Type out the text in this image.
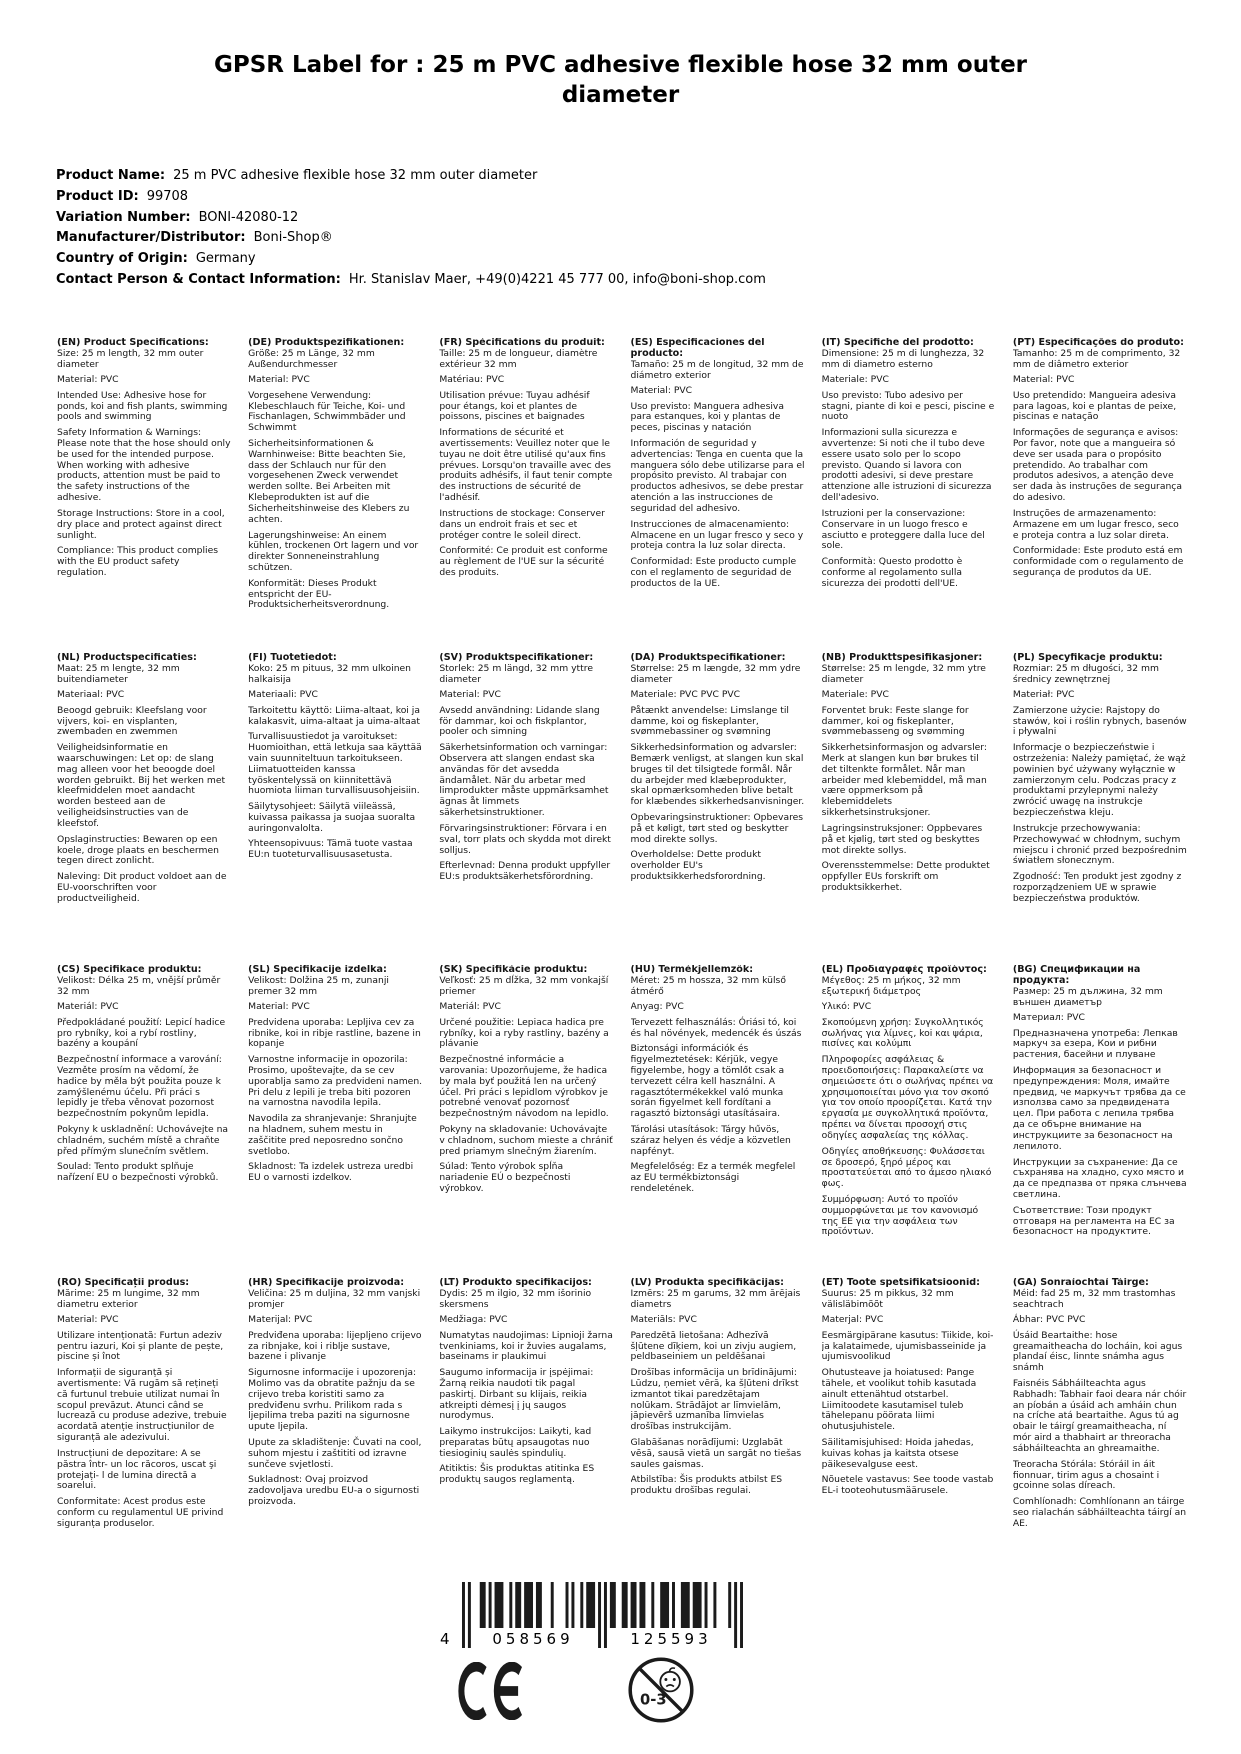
GPSR Label for : 25 m PVC adhesive flexible hose 32 mm outer diameter
Product Name: 25 m PVC adhesive flexible hose 32 mm outer diameter
Product ID: 99708
Variation Number: BONI-42080-12
Manufacturer/Distributor: Boni-Shop®
Country of Origin: Germany
Contact Person & Contact Information: Hr. Stanislav Maer, +49(0)4221 45 777 00, info@boni-shop.com
(EN) Product Specifications:

Size: 25 m length, 32 mm outer diameter

Material: PVC

Intended Use: Adhesive hose for ponds, koi and fish plants, swimming pools and swimming

Safety Information & Warnings: Please note that the hose should only be used for the intended purpose. When working with adhesive products, attention must be paid to the safety instructions of the adhesive.

Storage Instructions: Store in a cool, dry place and protect against direct sunlight.

Compliance: This product complies with the EU product safety regulation.

(DE) Produktspezifikationen:

Größe: 25 m Länge, 32 mm Außendurchmesser

Material: PVC

Vorgesehene Verwendung: Klebeschlauch für Teiche, Koi- und Fischanlagen, Schwimmbäder und Schwimmt

Sicherheitsinformationen & Warnhinweise: Bitte beachten Sie, dass der Schlauch nur für den vorgesehenen Zweck verwendet werden sollte. Bei Arbeiten mit Klebeprodukten ist auf die Sicherheitshinweise des Klebers zu achten.

Lagerungshinweise: An einem kühlen, trockenen Ort lagern und vor direkter Sonneneinstrahlung schützen.

Konformität: Dieses Produkt entspricht der EU-Produktsicherheitsverordnung.

(FR) Spécifications du produit:

Taille: 25 m de longueur, diamètre extérieur 32 mm

Matériau: PVC

Utilisation prévue: Tuyau adhésif pour étangs, koi et plantes de poissons, piscines et baignades

Informations de sécurité et avertissements: Veuillez noter que le tuyau ne doit être utilisé qu'aux fins prévues. Lorsqu'on travaille avec des produits adhésifs, il faut tenir compte des instructions de sécurité de l'adhésif.

Instructions de stockage: Conserver dans un endroit frais et sec et protéger contre le soleil direct.

Conformité: Ce produit est conforme au règlement de l'UE sur la sécurité des produits.

(ES) Especificaciones del producto:

Tamaño: 25 m de longitud, 32 mm de diámetro exterior

Material: PVC

Uso previsto: Manguera adhesiva para estanques, koi y plantas de peces, piscinas y natación

Información de seguridad y advertencias: Tenga en cuenta que la manguera sólo debe utilizarse para el propósito previsto. Al trabajar con productos adhesivos, se debe prestar atención a las instrucciones de seguridad del adhesivo.

Instrucciones de almacenamiento: Almacene en un lugar fresco y seco y proteja contra la luz solar directa.

Conformidad: Este producto cumple con el reglamento de seguridad de productos de la UE.

(IT) Specifiche del prodotto:

Dimensione: 25 m di lunghezza, 32 mm di diametro esterno

Materiale: PVC

Uso previsto: Tubo adesivo per stagni, piante di koi e pesci, piscine e nuoto

Informazioni sulla sicurezza e avvertenze: Si noti che il tubo deve essere usato solo per lo scopo previsto. Quando si lavora con prodotti adesivi, si deve prestare attenzione alle istruzioni di sicurezza dell'adesivo.

Istruzioni per la conservazione: Conservare in un luogo fresco e asciutto e proteggere dalla luce del sole.

Conformità: Questo prodotto è conforme al regolamento sulla sicurezza dei prodotti dell'UE.

(PT) Especificações do produto:

Tamanho: 25 m de comprimento, 32 mm de diâmetro exterior

Material: PVC

Uso pretendido: Mangueira adesiva para lagoas, koi e plantas de peixe, piscinas e natação

Informações de segurança e avisos: Por favor, note que a mangueira só deve ser usada para o propósito pretendido. Ao trabalhar com produtos adesivos, a atenção deve ser dada às instruções de segurança do adesivo.

Instruções de armazenamento: Armazene em um lugar fresco, seco e proteja contra a luz solar direta.

Conformidade: Este produto está em conformidade com o regulamento de segurança de produtos da UE.

(NL) Productspecificaties:

Maat: 25 m lengte, 32 mm buitendiameter

Materiaal: PVC

Beoogd gebruik: Kleefslang voor vijvers, koi- en visplanten, zwembaden en zwemmen

Veiligheidsinformatie en waarschuwingen: Let op: de slang mag alleen voor het beoogde doel worden gebruikt. Bij het werken met kleefmiddelen moet aandacht worden besteed aan de veiligheidsinstructies van de kleefstof.

Opslaginstructies: Bewaren op een koele, droge plaats en beschermen tegen direct zonlicht.

Naleving: Dit product voldoet aan de EU-voorschriften voor productveiligheid.

(FI) Tuotetiedot:

Koko: 25 m pituus, 32 mm ulkoinen halkaisija

Materiaali: PVC

Tarkoitettu käyttö: Liima-altaat, koi ja kalakasvit, uima-altaat ja uima-altaat

Turvallisuustiedot ja varoitukset: Huomioithan, että letkuja saa käyttää vain suunniteltuun tarkoitukseen. Liimatuotteiden kanssa työskentelyssä on kiinnitettävä huomiota liiman turvallisuusohjeisiin.

Säilytysohjeet: Säilytä viileässä, kuivassa paikassa ja suojaa suoralta auringonvalolta.

Yhteensopivuus: Tämä tuote vastaa EU:n tuoteturvallisuusasetusta.

(SV) Produktspecifikationer:

Storlek: 25 m längd, 32 mm yttre diameter

Material: PVC

Avsedd användning: Lidande slang för dammar, koi och fiskplantor, pooler och simning

Säkerhetsinformation och varningar: Observera att slangen endast ska användas för det avsedda ändamålet. När du arbetar med limprodukter måste uppmärksamhet ägnas åt limmets säkerhetsinstruktioner.

Förvaringsinstruktioner: Förvara i en sval, torr plats och skydda mot direkt solljus.

Efterlevnad: Denna produkt uppfyller EU:s produktsäkerhetsförordning.

(DA) Produktspecifikationer:

Størrelse: 25 m længde, 32 mm ydre diameter

Materiale: PVC PVC PVC

Påtænkt anvendelse: Limslange til damme, koi og fiskeplanter, svømmebassiner og svømning

Sikkerhedsinformation og advarsler: Bemærk venligst, at slangen kun skal bruges til det tilsigtede formål. Når du arbejder med klæbeprodukter, skal opmærksomheden blive betalt for klæbendes sikkerhedsanvisninger.

Opbevaringsinstruktioner: Opbevares på et køligt, tørt sted og beskytter mod direkte sollys.

Overholdelse: Dette produkt overholder EU's produktsikkerhedsforordning.

(NB) Produkttspesifikasjoner:

Størrelse: 25 m lengde, 32 mm ytre diameter

Materiale: PVC

Forventet bruk: Feste slange for dammer, koi og fiskeplanter, svømmebasseng og svømming

Sikkerhetsinformasjon og advarsler: Merk at slangen kun bør brukes til det tiltenkte formålet. Når man arbeider med klebemiddel, må man være oppmerksom på klebemiddelets sikkerhetsinstruksjoner.

Lagringsinstruksjoner: Oppbevares på et kjølig, tørt sted og beskyttes mot direkte sollys.

Overensstemmelse: Dette produktet oppfyller EUs forskrift om produktsikkerhet.

(PL) Specyfikacje produktu:

Rozmiar: 25 m długości, 32 mm średnicy zewnętrznej

Materiał: PVC

Zamierzone użycie: Rajstopy do stawów, koi i roślin rybnych, basenów i pływalni

Informacje o bezpieczeństwie i ostrzeżenia: Należy pamiętać, że wąż powinien być używany wyłącznie w zamierzonym celu. Podczas pracy z produktami przylepnymi należy zwrócić uwagę na instrukcje bezpieczeństwa kleju.

Instrukcje przechowywania: Przechowywać w chłodnym, suchym miejscu i chronić przed bezpośrednim światłem słonecznym.

Zgodność: Ten produkt jest zgodny z rozporządzeniem UE w sprawie bezpieczeństwa produktów.

(CS) Specifikace produktu:

Velikost: Délka 25 m, vnější průměr 32 mm

Materiál: PVC

Předpokládané použití: Lepicí hadice pro rybníky, koi a rybí rostliny, bazény a koupání

Bezpečnostní informace a varování: Vezměte prosím na vědomí, že hadice by měla být použita pouze k zamýšlenému účelu. Při práci s lepidly je třeba věnovat pozornost bezpečnostním pokynům lepidla.

Pokyny k uskladnění: Uchovávejte na chladném, suchém místě a chraňte před přímým slunečním světlem.

Soulad: Tento produkt splňuje nařízení EU o bezpečnosti výrobků.

(SL) Specifikacije izdelka:

Velikost: Dolžina 25 m, zunanji premer 32 mm

Material: PVC

Predvidena uporaba: Lepljiva cev za ribnike, koi in ribje rastline, bazene in kopanje

Varnostne informacije in opozorila: Prosimo, upoštevajte, da se cev uporablja samo za predvideni namen. Pri delu z lepili je treba biti pozoren na varnostna navodila lepila.

Navodila za shranjevanje: Shranjujte na hladnem, suhem mestu in zaščitite pred neposredno sončno svetlobo.

Skladnost: Ta izdelek ustreza uredbi EU o varnosti izdelkov.

(SK) Špecifikácie produktu:

Veľkosť: 25 m dĺžka, 32 mm vonkajší priemer

Materiál: PVC

Určené použitie: Lepiaca hadica pre rybníky, koi a ryby rastliny, bazény a plávanie

Bezpečnostné informácie a varovania: Upozorňujeme, že hadica by mala byť použitá len na určený účel. Pri práci s lepidlom výrobkov je potrebné venovať pozornosť bezpečnostným návodom na lepidlo.

Pokyny na skladovanie: Uchovávajte v chladnom, suchom mieste a chrániť pred priamym slnečným žiarením.

Súlad: Tento výrobok spĺňa nariadenie EÚ o bezpečnosti výrobkov.

(HU) Termékjellemzők:

Méret: 25 m hossza, 32 mm külső átmérő

Anyag: PVC

Tervezett felhasználás: Óriási tó, koi és hal növények, medencék és úszás

Biztonsági információk és figyelmeztetések: Kérjük, vegye figyelembe, hogy a tömlőt csak a tervezett célra kell használni. A ragasztótermékekkel való munka során figyelmet kell fordítani a ragasztó biztonsági utasításaira.

Tárolási utasítások: Tárgy hűvös, száraz helyen és védje a közvetlen napfényt.

Megfelelőség: Ez a termék megfelel az EU termékbiztonsági rendeletének.

(EL) Προδιαγραφές προϊόντος:

Μέγεθος: 25 m μήκος, 32 mm εξωτερική διάμετρος

Υλικό: PVC

Σκοπούμενη χρήση: Συγκολλητικός σωλήνας για λίμνες, koi και ψάρια, πισίνες και κολύμπι

Πληροφορίες ασφάλειας & προειδοποιήσεις: Παρακαλείστε να σημειώσετε ότι ο σωλήνας πρέπει να χρησιμοποιείται μόνο για τον σκοπό για τον οποίο προορίζεται. Κατά την εργασία με συγκολλητικά προϊόντα, πρέπει να δίνεται προσοχή στις οδηγίες ασφαλείας της κόλλας.

Οδηγίες αποθήκευσης: Φυλάσσεται σε δροσερό, ξηρό μέρος και προστατεύεται από το άμεσο ηλιακό φως.

Συμμόρφωση: Αυτό το προϊόν συμμορφώνεται με τον κανονισμό της ΕΕ για την ασφάλεια των προϊόντων.

(BG) Спецификации на продукта:

Размер: 25 m дължина, 32 mm външен диаметър

Материал: PVC

Предназначена употреба: Лепкав маркуч за езера, Кои и рибни растения, басейни и плуване

Информация за безопасност и предупреждения: Моля, имайте предвид, че маркучът трябва да се използва само за предвидената цел. При работа с лепила трябва да се обърне внимание на инструкциите за безопасност на лепилото.

Инструкции за съхранение: Да се съхранява на хладно, сухо място и да се предпазва от пряка слънчева светлина.

Съответствие: Този продукт отговаря на регламента на ЕС за безопасност на продуктите.

(RO) Specificații produs:

Mărime: 25 m lungime, 32 mm diametru exterior

Material: PVC

Utilizare intenționată: Furtun adeziv pentru iazuri, Koi și plante de pește, piscine și înot

Informații de siguranță și avertismente: Vă rugăm să rețineți că furtunul trebuie utilizat numai în scopul prevăzut. Atunci când se lucrează cu produse adezive, trebuie acordată atenție instrucțiunilor de siguranță ale adezivului.

Instrucțiuni de depozitare: A se păstra într- un loc răcoros, uscat şi protejați- l de lumina directă a soarelui.

Conformitate: Acest produs este conform cu regulamentul UE privind siguranța produselor.

(HR) Specifikacije proizvoda:

Veličina: 25 m duljina, 32 mm vanjski promjer

Materijal: PVC

Predviđena uporaba: lijepljeno crijevo za ribnjake, koi i riblje sustave, bazene i plivanje

Sigurnosne informacije i upozorenja: Molimo vas da obratite pažnju da se crijevo treba koristiti samo za predviđenu svrhu. Prilikom rada s ljepilima treba paziti na sigurnosne upute ljepila.

Upute za skladištenje: Čuvati na cool, suhom mjestu i zaštititi od izravne sunčeve svjetlosti.

Sukladnost: Ovaj proizvod zadovoljava uredbu EU-a o sigurnosti proizvoda.

(LT) Produkto specifikacijos:

Dydis: 25 m ilgio, 32 mm išorinio skersmens

Medžiaga: PVC

Numatytas naudojimas: Lipnioji žarna tvenkiniams, koi ir žuvies augalams, baseinams ir plaukimui

Saugumo informacija ir įspėjimai: Žarną reikia naudoti tik pagal paskirtį. Dirbant su klijais, reikia atkreipti dėmesį į jų saugos nurodymus.

Laikymo instrukcijos: Laikyti, kad preparatas būtų apsaugotas nuo tiesioginių saulės spindulių.

Atitiktis: Šis produktas atitinka ES produktų saugos reglamentą.

(LV) Produkta specifikācijas:

Izmērs: 25 m garums, 32 mm ārējais diametrs

Materiāls: PVC

Paredzētā lietošana: Adhezīvā šļūtene dīķiem, koi un zivju augiem, peldbaseiniem un peldēšanai

Drošības informācija un brīdinājumi: Lūdzu, ņemiet vērā, ka šļūteni drīkst izmantot tikai paredzētajam nolūkam. Strādājot ar līmvielām, jāpievērš uzmanība līmvielas drošības instrukcijām.

Glabāšanas norādījumi: Uzglabāt vēsā, sausā vietā un sargāt no tiešas saules gaismas.

Atbilstība: Šis produkts atbilst ES produktu drošības regulai.

(ET) Toote spetsifikatsioonid:

Suurus: 25 m pikkus, 32 mm välisläbimõõt

Materjal: PVC

Eesmärgipärane kasutus: Tiikide, koi- ja kalataimede, ujumisbasseinide ja ujumisvoolikud

Ohutusteave ja hoiatused: Pange tähele, et voolikut tohib kasutada ainult ettenähtud otstarbel. Liimitoodete kasutamisel tuleb tähelepanu pöörata liimi ohutusjuhistele.

Säilitamisjuhised: Hoida jahedas, kuivas kohas ja kaitsta otsese päikesevalguse eest.

Nõuetele vastavus: See toode vastab EL-i tooteohutusmäärusele.

(GA) Sonraíochtaí Táirge:

Méid: fad 25 m, 32 mm trastomhas seachtrach

Ábhar: PVC PVC

Úsáid Beartaithe: hose greamaitheacha do locháin, koi agus plandaí éisc, linnte snámha agus snámh

Faisnéis Sábháilteachta agus Rabhadh: Tabhair faoi deara nár chóir an píobán a úsáid ach amháin chun na críche atá beartaithe. Agus tú ag obair le táirgí greamaitheacha, ní mór aird a thabhairt ar threoracha sábháilteachta an ghreamaithe.

Treoracha Stórála: Stóráil in áit fionnuar, tirim agus a chosaint i gcoinne solas díreach.

Comhlíonadh: Comhlíonann an táirge seo rialachán sábháilteachta táirgí an AE.

4	058569	125593
0-3
